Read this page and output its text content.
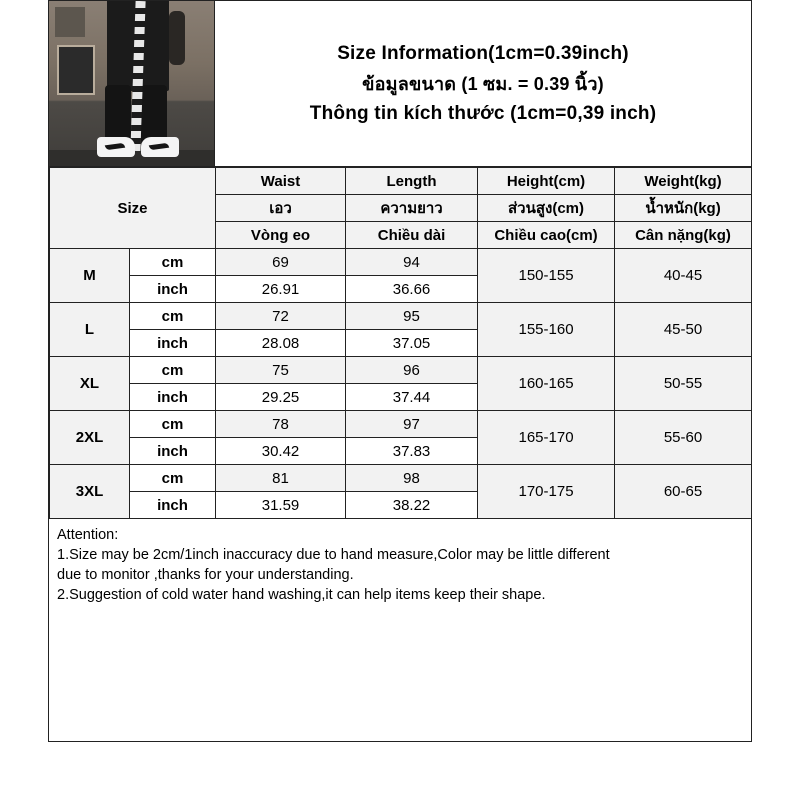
Size Information(1cm=0.39inch)
ข้อมูลขนาด (1 ซม. = 0.39 นิ้ว)
Thông tin kích thước (1cm=0,39 inch)
Size		Waist	Length	Height(cm)	Weight(kg)
		เอว	ความยาว	ส่วนสูง(cm)	น้ำหนัก(kg)
		Vòng eo	Chiều dài	Chiều cao(cm)	Cân nặng(kg)
M	cm	69	94	150-155	40-45
	inch	26.91	36.66		
L	cm	72	95	155-160	45-50
	inch	28.08	37.05		
XL	cm	75	96	160-165	50-55
	inch	29.25	37.44		
2XL	cm	78	97	165-170	55-60
	inch	30.42	37.83		
3XL	cm	81	98	170-175	60-65
	inch	31.59	38.22		
Attention:
1.Size may be 2cm/1inch inaccuracy due to hand measure,Color may be little different
due to monitor ,thanks for your understanding.
2.Suggestion of cold water hand washing,it can help items keep their shape.
